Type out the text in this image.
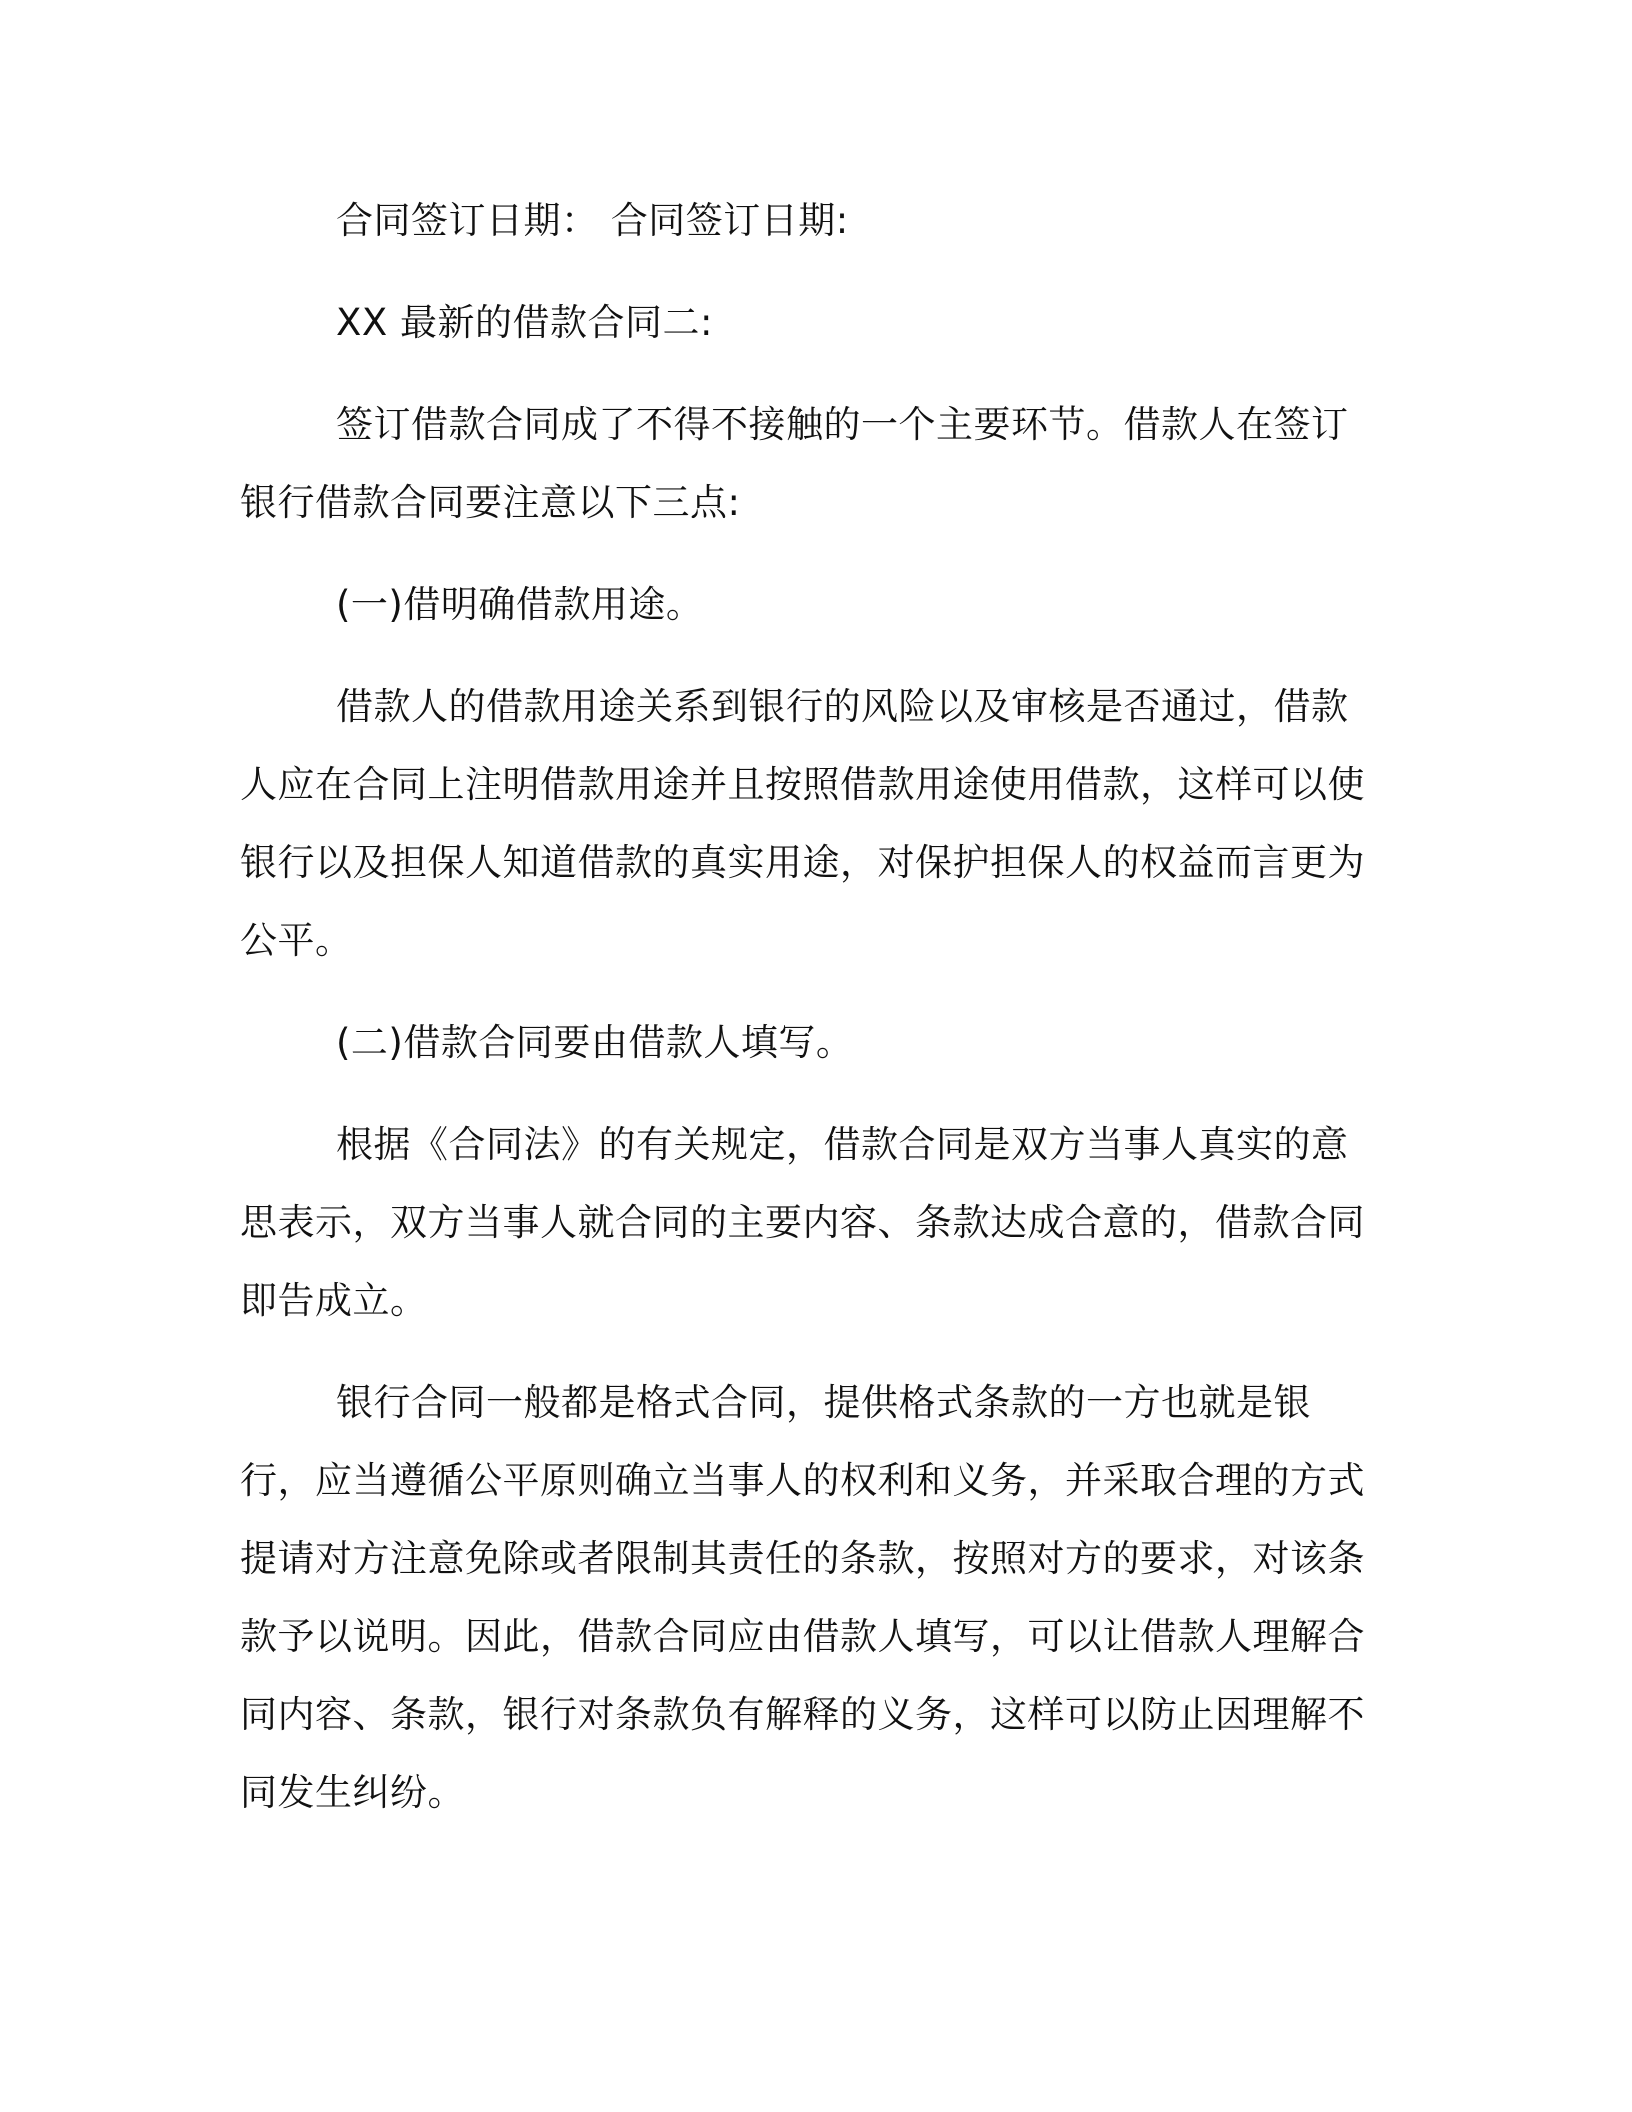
合同签订日期： 合同签订日期:

XX 最新的借款合同二:

签订借款合同成了不得不接触的一个主要环节。借款人在签订银行借款合同要注意以下三点:

(一)借明确借款用途。

借款人的借款用途关系到银行的风险以及审核是否通过，借款人应在合同上注明借款用途并且按照借款用途使用借款，这样可以使银行以及担保人知道借款的真实用途，对保护担保人的权益而言更为公平。

(二)借款合同要由借款人填写。

根据《合同法》的有关规定，借款合同是双方当事人真实的意思表示，双方当事人就合同的主要内容、条款达成合意的，借款合同即告成立。

银行合同一般都是格式合同，提供格式条款的一方也就是银行，应当遵循公平原则确立当事人的权利和义务，并采取合理的方式提请对方注意免除或者限制其责任的条款，按照对方的要求，对该条款予以说明。因此，借款合同应由借款人填写，可以让借款人理解合同内容、条款，银行对条款负有解释的义务，这样可以防止因理解不同发生纠纷。
